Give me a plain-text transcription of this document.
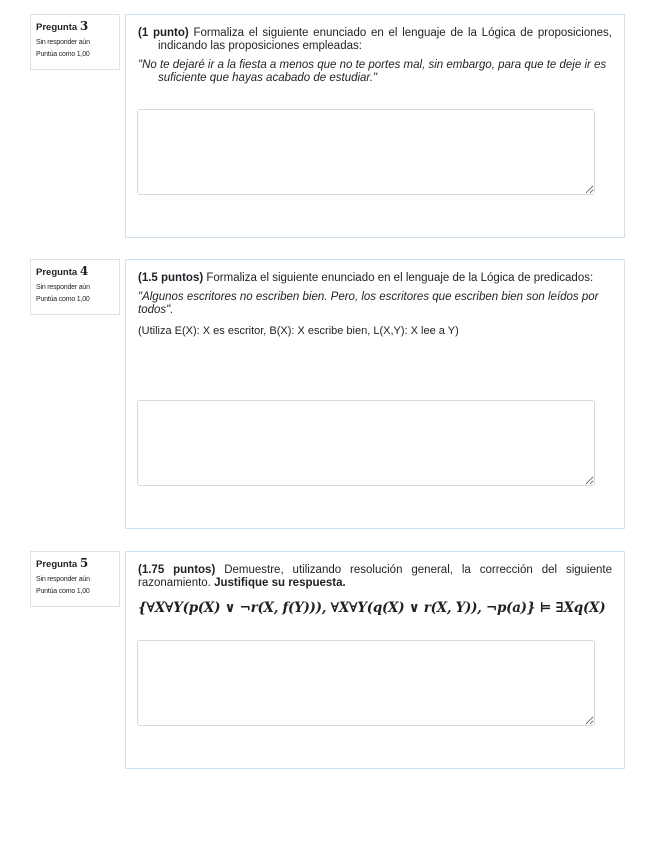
Pregunta 3
Sin responder aún
Puntúa como 1,00

(1 punto) Formaliza el siguiente enunciado en el lenguaje de la Lógica de proposiciones, indicando las proposiciones empleadas:

"No te dejaré ir a la fiesta a menos que no te portes mal, sin embargo, para que te deje ir es suficiente que hayas acabado de estudiar."

Pregunta 4
Sin responder aún
Puntúa como 1,00

(1.5 puntos) Formaliza el siguiente enunciado en el lenguaje de la Lógica de predicados:

"Algunos escritores no escriben bien. Pero, los escritores que escriben bien son leídos por todos".

(Utiliza E(X): X es escritor, B(X): X escribe bien, L(X,Y): X lee a Y)

Pregunta 5
Sin responder aún
Puntúa como 1,00

(1.75 puntos) Demuestre, utilizando resolución general, la corrección del siguiente razonamiento. Justifique su respuesta.

{∀X∀Y(p(X) ∨ ¬r(X, f(Y))), ∀X∀Y(q(X) ∨ r(X, Y)), ¬p(a)} ⊨ ∃Xq(X)
